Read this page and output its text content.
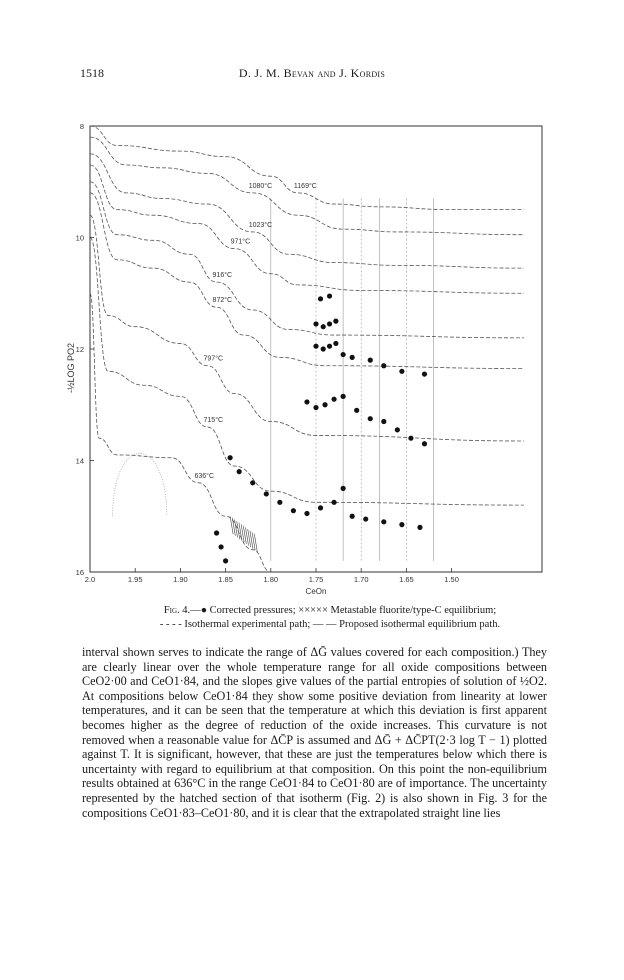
1518	D. J. M. Bevan and J. Kordis
1169°C
1080°C
1023°C
971°C
916°C
872°C
797°C
715°C
636°C
2.0	1.95	1.90	1.85	1.80	1.75	1.70	1.65	1.50
8
10
12
14
16
CeOn
-½LOG PO2
Fig. 4.—● Corrected pressures; ××××× Metastable fluorite/type-C equilibrium;
- - - - Isothermal experimental path; — — Proposed isothermal equilibrium path.

interval shown serves to indicate the range of ΔḠ values covered for each composition.) They are clearly linear over the whole temperature range for all oxide compositions between CeO2·00 and CeO1·84, and the slopes give values of the partial entropies of solution of ½O2. At compositions below CeO1·84 they show some positive deviation from linearity at lower temperatures, and it can be seen that the temperature at which this deviation is first apparent becomes higher as the degree of reduction of the oxide increases. This curvature is not removed when a reasonable value for ΔC̄P is assumed and ΔḠ + ΔC̄PT(2·3 log T − 1) plotted against T. It is significant, however, that these are just the temperatures below which there is uncertainty with regard to equilibrium at that composition. On this point the non-equilibrium results obtained at 636°C in the range CeO1·84 to CeO1·80 are of importance. The uncertainty represented by the hatched section of that isotherm (Fig. 2) is also shown in Fig. 3 for the compositions CeO1·83–CeO1·80, and it is clear that the extrapolated straight line lies
